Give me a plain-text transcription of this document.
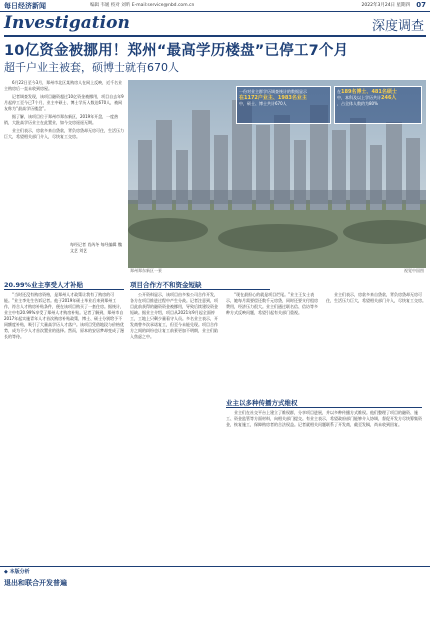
每日经济新闻	编辑 韦媛 校对 刘昕 E-mail:service@nbd.com.cn	07
2022年3月24日 星期四
Investigation	深度调查
10亿资金被挪用！郑州“最高学历楼盘”已停工7个月
超千户业主被套，硕博士就有670人

6月22日至今3月，郑州市北区某购房人在网上反映，近千名业主购房后一直未收到房屋。

记者调查发现，该项目融资超过10亿资金被挪用，项目自去年9月起停工至今已7个月，业主中硕士、博士学历人数达670人，被网友称为“最高学历楼盘”。

据了解，该项目位于郑州市郑东新区，2019年开盘，一度热销，大批高学历业主在此置业，如今交房遥遥无期。

业主们表示，房款多来自贷款，背负房贷却无房可住，生活压力巨大，希望相关部门介入，尽快复工交房。

每经记者 肖芮冬 每经编辑 魏文艺 刘艺
一份对业主群学历调查统计的数据显示
在1172户业主、1983名业主
中，硕士、博士共计670人
在189名博士、481名硕士
中，本科及以上学历共计246人
，占全体人数约为80%
郑州郑东新区一景	视觉中国图
20.99%业主享受人才补贴

“当时还没有购房资格，是郑州人才政策让我有了购房的可能。”业主李先生告诉记者。他于2019年硕士毕业后来到郑州工作，符合人才购房补贴条件，便在该项目购买了一套住房。据统计，业主中有20.99%享受了郑州人才购房补贴。记者了解到，郑州市自2017年起实施青年人才首次购房补贴政策，博士、硕士分别给予不同额度补贴，吸引了大量高学历人才落户。该项目凭借地段与价格优势，成为不少人才首次置业的选择。然而，原本的安居梦却变成了漫长的等待。

项目合作方不和资金短缺

公开资料显示，该项目由多家公司合作开发，各方在项目推进过程中产生分歧。记者注意到，项目此前获得的融资资金被挪用，导致后续建设资金短缺。据业主介绍，项目从2021年9月起全面停工，工地上只剩少量看守人员。多名业主表示，开发商曾多次承诺复工，但至今未能兑现。项目合作方之间的纠纷也让复工前景更加不明朗，业主们陷入焦虑之中。

“现在最担心的就是项目烂尾。”业主王女士表示，她每月需要偿还数千元房贷，同时还要支付租房费用，经济压力很大。业主们通过联名信、信访等多种方式反映问题，希望引起有关部门重视。

业主以多种传播方式维权

业主们在社交平台上建立了维权群，分享项目进展，并以多种传播方式维权。他们整理了项目的融资、施工、资金监管等方面材料，向相关部门提交。有业主表示，希望政府部门能够介入协调，督促开发方尽快筹集资金，恢复施工，保障购房者的合法权益。记者就相关问题联系了开发商，截至发稿，尚未收到回复。

业主们表示，房款多来自贷款，背负房贷却无房可住，生活压力巨大，希望相关部门介入，尽快复工交房。

◆ 本版分析
退出和联合开发普遍
